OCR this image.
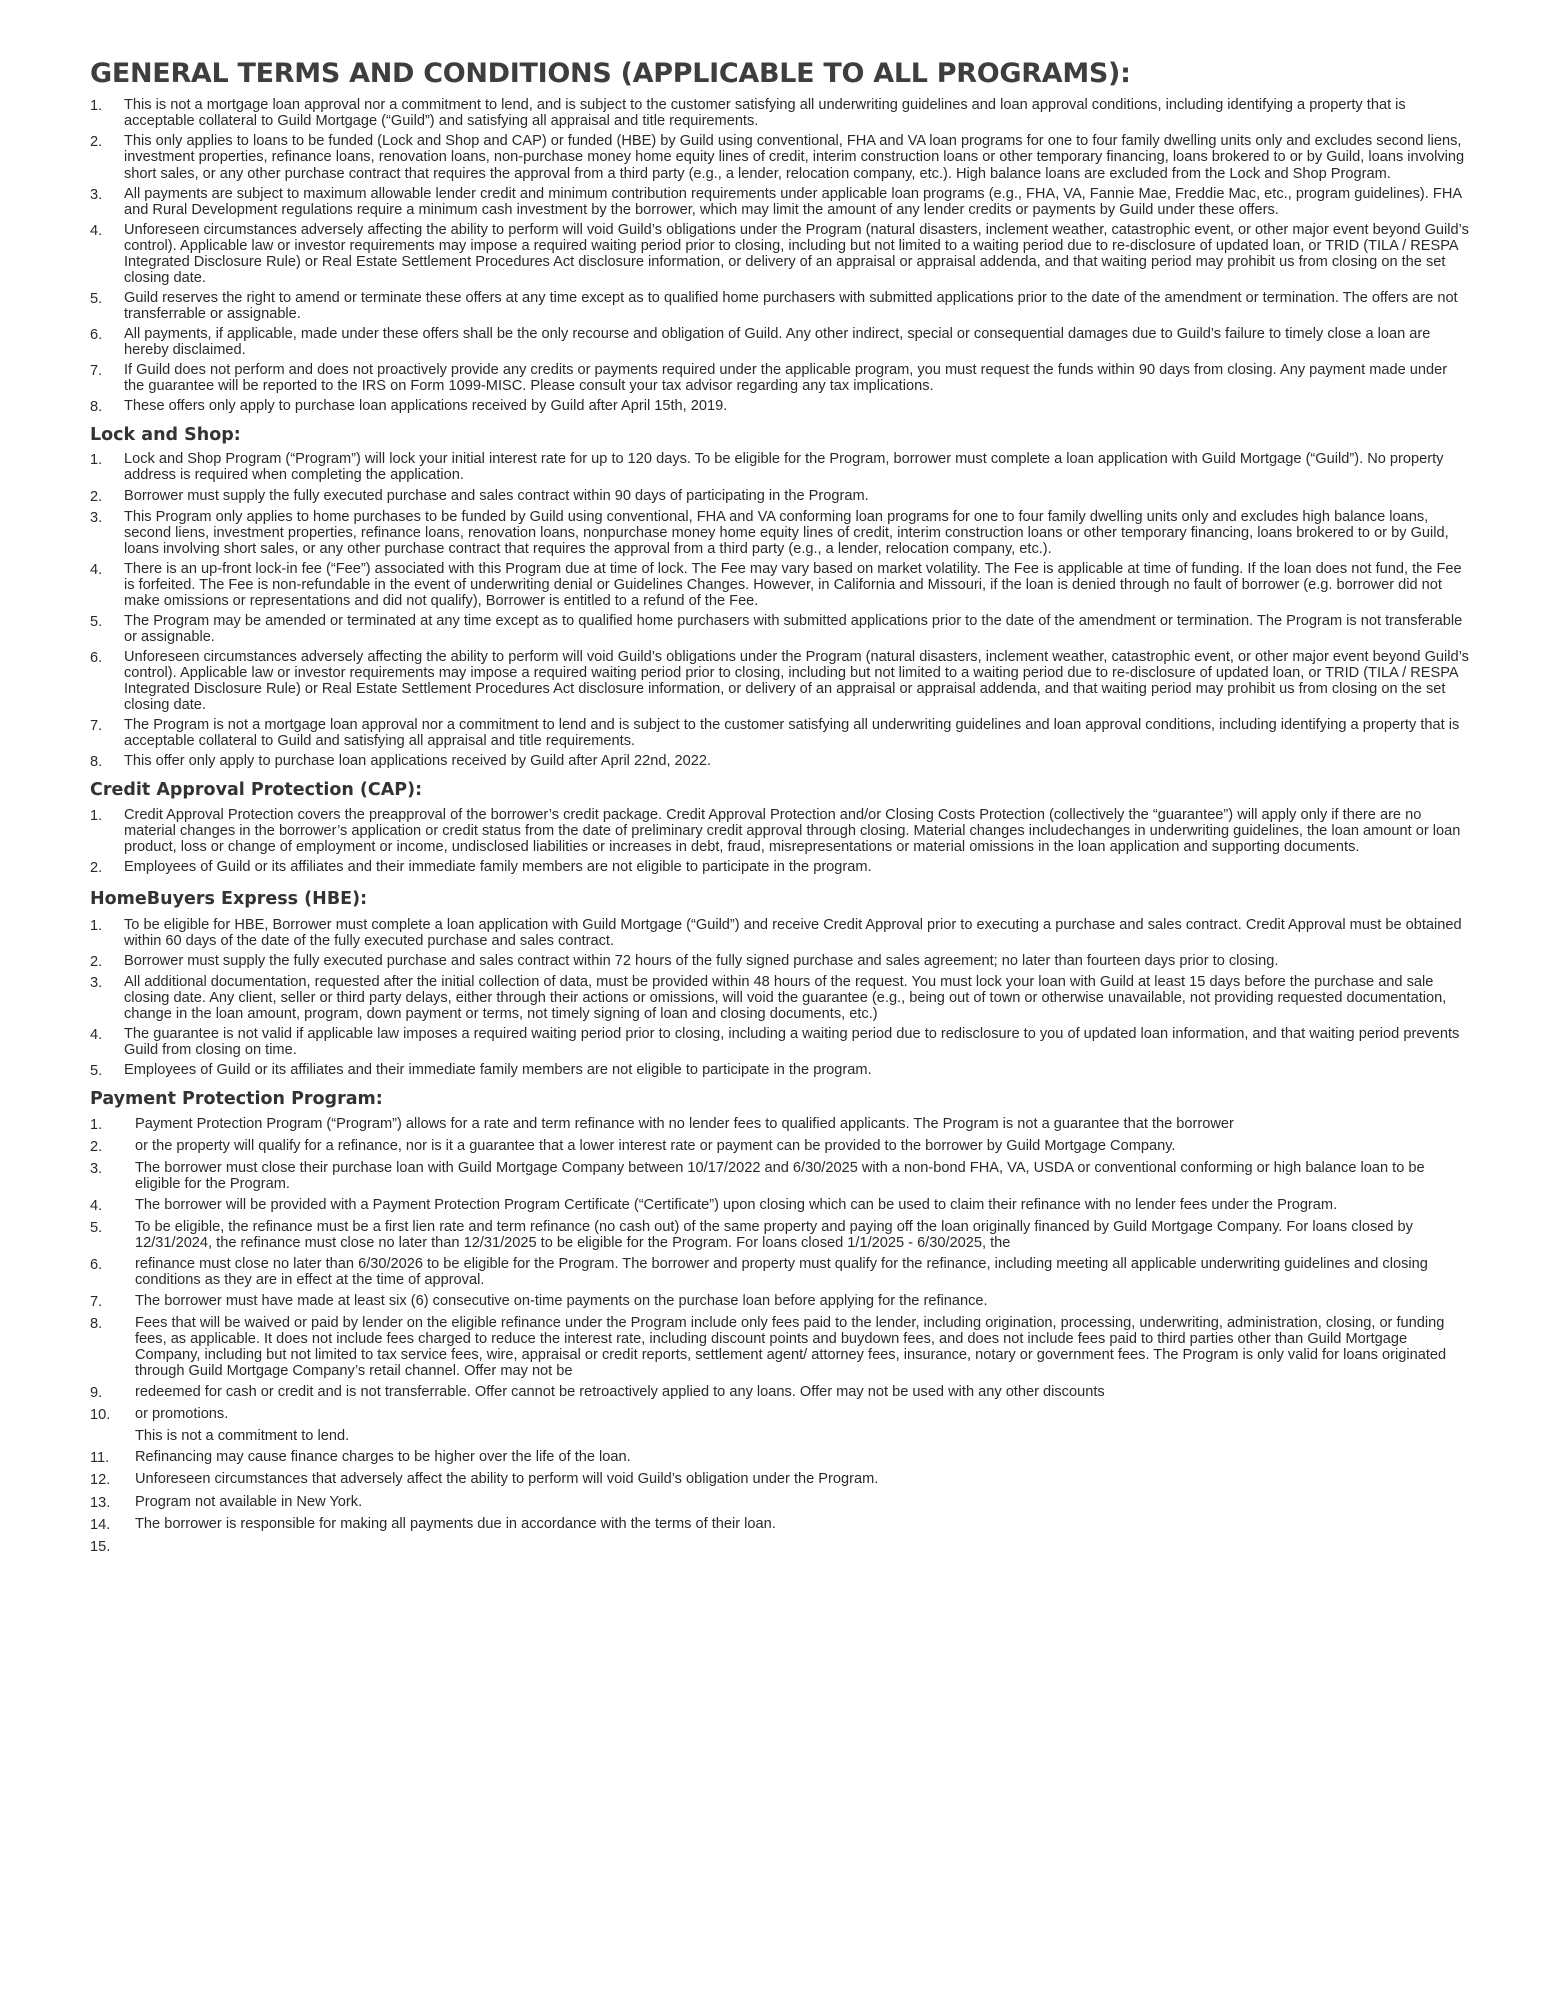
GENERAL TERMS AND CONDITIONS (APPLICABLE TO ALL PROGRAMS):
1.	This is not a mortgage loan approval nor a commitment to lend, and is subject to the customer satisfying all underwriting guidelines and loan approval conditions, including identifying a property that is acceptable collateral to Guild Mortgage (“Guild”) and satisfying all appraisal and title requirements.
2.	This only applies to loans to be funded (Lock and Shop and CAP) or funded (HBE) by Guild using conventional, FHA and VA loan programs for one to four family dwelling units only and excludes second liens, investment properties, refinance loans, renovation loans, non-purchase money home equity lines of credit, interim construction loans or other temporary financing, loans brokered to or by Guild, loans involving short sales, or any other purchase contract that requires the approval from a third party (e.g., a lender, relocation company, etc.). High balance loans are excluded from the Lock and Shop Program.
3.	All payments are subject to maximum allowable lender credit and minimum contribution requirements under applicable loan programs (e.g., FHA, VA, Fannie Mae, Freddie Mac, etc., program guidelines). FHA and Rural Development regulations require a minimum cash investment by the borrower, which may limit the amount of any lender credits or payments by Guild under these offers.
4.	Unforeseen circumstances adversely affecting the ability to perform will void Guild’s obligations under the Program (natural disasters, inclement weather, catastrophic event, or other major event beyond Guild’s control). Applicable law or investor requirements may impose a required waiting period prior to closing, including but not limited to a waiting period due to re-disclosure of updated loan, or TRID (TILA / RESPA Integrated Disclosure Rule) or Real Estate Settlement Procedures Act disclosure information, or delivery of an appraisal or appraisal addenda, and that waiting period may prohibit us from closing on the set closing date.
5.	Guild reserves the right to amend or terminate these offers at any time except as to qualified home purchasers with submitted applications prior to the date of the amendment or termination. The offers are not transferrable or assignable.
6.	All payments, if applicable, made under these offers shall be the only recourse and obligation of Guild. Any other indirect, special or consequential damages due to Guild’s failure to timely close a loan are hereby disclaimed.
7.	If Guild does not perform and does not proactively provide any credits or payments required under the applicable program, you must request the funds within 90 days from closing. Any payment made under the guarantee will be reported to the IRS on Form 1099-MISC. Please consult your tax advisor regarding any tax implications.
8.	These offers only apply to purchase loan applications received by Guild after April 15th, 2019.
Lock and Shop:
1.	Lock and Shop Program (“Program”) will lock your initial interest rate for up to 120 days. To be eligible for the Program, borrower must complete a loan application with Guild Mortgage (“Guild”). No property address is required when completing the application.
2.	Borrower must supply the fully executed purchase and sales contract within 90 days of participating in the Program.
3.	This Program only applies to home purchases to be funded by Guild using conventional, FHA and VA conforming loan programs for one to four family dwelling units only and excludes high balance loans, second liens, investment properties, refinance loans, renovation loans, nonpurchase money home equity lines of credit, interim construction loans or other temporary financing, loans brokered to or by Guild, loans involving short sales, or any other purchase contract that requires the approval from a third party (e.g., a lender, relocation company, etc.).
4.	There is an up-front lock-in fee (“Fee”) associated with this Program due at time of lock. The Fee may vary based on market volatility. The Fee is applicable at time of funding. If the loan does not fund, the Fee is forfeited. The Fee is non-refundable in the event of underwriting denial or Guidelines Changes. However, in California and Missouri, if the loan is denied through no fault of borrower (e.g. borrower did not make omissions or representations and did not qualify), Borrower is entitled to a refund of the Fee.
5.	The Program may be amended or terminated at any time except as to qualified home purchasers with submitted applications prior to the date of the amendment or termination. The Program is not transferable or assignable.
6.	Unforeseen circumstances adversely affecting the ability to perform will void Guild’s obligations under the Program (natural disasters, inclement weather, catastrophic event, or other major event beyond Guild’s control). Applicable law or investor requirements may impose a required waiting period prior to closing, including but not limited to a waiting period due to re-disclosure of updated loan, or TRID (TILA / RESPA Integrated Disclosure Rule) or Real Estate Settlement Procedures Act disclosure information, or delivery of an appraisal or appraisal addenda, and that waiting period may prohibit us from closing on the set closing date.
7.	The Program is not a mortgage loan approval nor a commitment to lend and is subject to the customer satisfying all underwriting guidelines and loan approval conditions, including identifying a property that is acceptable collateral to Guild and satisfying all appraisal and title requirements.
8.	This offer only apply to purchase loan applications received by Guild after April 22nd, 2022.
Credit Approval Protection (CAP):
1.	Credit Approval Protection covers the preapproval of the borrower’s credit package. Credit Approval Protection and/or Closing Costs Protection (collectively the “guarantee”) will apply only if there are no material changes in the borrower’s application or credit status from the date of preliminary credit approval through closing. Material changes includechanges in underwriting guidelines, the loan amount or loan product, loss or change of employment or income, undisclosed liabilities or increases in debt, fraud, misrepresentations or material omissions in the loan application and supporting documents.
2.	Employees of Guild or its affiliates and their immediate family members are not eligible to participate in the program.
HomeBuyers Express (HBE):
1.	To be eligible for HBE, Borrower must complete a loan application with Guild Mortgage (“Guild”) and receive Credit Approval prior to executing a purchase and sales contract. Credit Approval must be obtained within 60 days of the date of the fully executed purchase and sales contract.
2.	Borrower must supply the fully executed purchase and sales contract within 72 hours of the fully signed purchase and sales agreement; no later than fourteen days prior to closing.
3.	All additional documentation, requested after the initial collection of data, must be provided within 48 hours of the request. You must lock your loan with Guild at least 15 days before the purchase and sale closing date. Any client, seller or third party delays, either through their actions or omissions, will void the guarantee (e.g., being out of town or otherwise unavailable, not providing requested documentation, change in the loan amount, program, down payment or terms, not timely signing of loan and closing documents, etc.)
4.	The guarantee is not valid if applicable law imposes a required waiting period prior to closing, including a waiting period due to redisclosure to you of updated loan information, and that waiting period prevents Guild from closing on time.
5.	Employees of Guild or its affiliates and their immediate family members are not eligible to participate in the program.
Payment Protection Program:
1.	Payment Protection Program (“Program”) allows for a rate and term refinance with no lender fees to qualified applicants. The Program is not a guarantee that the borrower
2.	or the property will qualify for a refinance, nor is it a guarantee that a lower interest rate or payment can be provided to the borrower by Guild Mortgage Company.
3.	The borrower must close their purchase loan with Guild Mortgage Company between 10/17/2022 and 6/30/2025 with a non-bond FHA, VA, USDA or conventional conforming or high balance loan to be eligible for the Program.
4.	The borrower will be provided with a Payment Protection Program Certificate (“Certificate”) upon closing which can be used to claim their refinance with no lender fees under the Program.
5.	To be eligible, the refinance must be a first lien rate and term refinance (no cash out) of the same property and paying off the loan originally financed by Guild Mortgage Company. For loans closed by 12/31/2024, the refinance must close no later than 12/31/2025 to be eligible for the Program. For loans closed 1/1/2025 - 6/30/2025, the
6.	refinance must close no later than 6/30/2026 to be eligible for the Program. The borrower and property must qualify for the refinance, including meeting all applicable underwriting guidelines and closing conditions as they are in effect at the time of approval.
7.	The borrower must have made at least six (6) consecutive on-time payments on the purchase loan before applying for the refinance.
8.	Fees that will be waived or paid by lender on the eligible refinance under the Program include only fees paid to the lender, including origination, processing, underwriting, administration, closing, or funding fees, as applicable. It does not include fees charged to reduce the interest rate, including discount points and buydown fees, and does not include fees paid to third parties other than Guild Mortgage Company, including but not limited to tax service fees, wire, appraisal or credit reports, settlement agent/ attorney fees, insurance, notary or government fees. The Program is only valid for loans originated through Guild Mortgage Company’s retail channel. Offer may not be
9.	redeemed for cash or credit and is not transferrable. Offer cannot be retroactively applied to any loans. Offer may not be used with any other discounts
10.	or promotions.
This is not a commitment to lend.
11.	Refinancing may cause finance charges to be higher over the life of the loan.
12.	Unforeseen circumstances that adversely affect the ability to perform will void Guild’s obligation under the Program.
13.	Program not available in New York.
14.	The borrower is responsible for making all payments due in accordance with the terms of their loan.
15.
